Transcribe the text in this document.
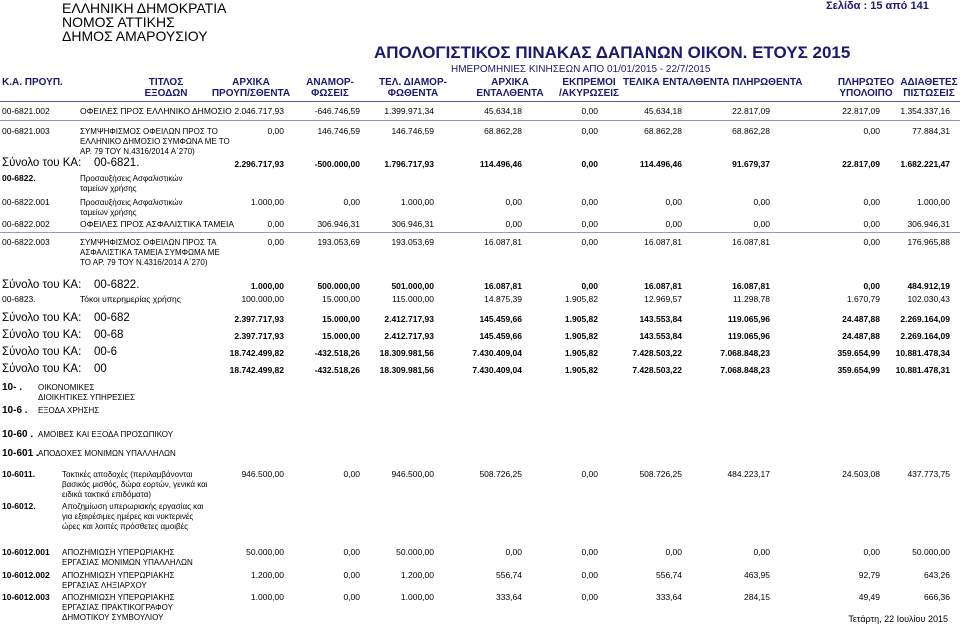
ΕΛΛΗΝΙΚΗ ΔΗΜΟΚΡΑΤΙΑ
ΝΟΜΟΣ ΑΤΤΙΚΗΣ
ΔΗΜΟΣ ΑΜΑΡΟΥΣΙΟΥ
Σελίδα : 15 από 141
ΑΠΟΛΟΓΙΣΤΙΚΟΣ ΠΙΝΑΚΑΣ ΔΑΠΑΝΩΝ ΟΙΚΟΝ. ΕΤΟΥΣ 2015
ΗΜΕΡΟΜΗΝΙΕΣ ΚΙΝΗΣΕΩΝ ΑΠΟ 01/01/2015 - 22/7/2015
Κ.Α. ΠΡΟΥΠ.	ΤΙΤΛΟΣ
ΕΞΟΔΩΝ
ΑΡΧΙΚΑ
ΠΡΟΥΠ/ΣΘΕΝΤΑ
ΑΝΑΜΟΡ-
ΦΩΣΕΙΣ
ΤΕΛ. ΔΙΑΜΟΡ-
ΦΩΘΕΝΤΑ
ΑΡΧΙΚΑ
ΕΝΤΑΛΘΕΝΤΑ
ΕΚΠΡΕΜΟΙ
/ΑΚΥΡΩΣΕΙΣ
ΤΕΛΙΚΑ ΕΝΤΑΛΘΕΝΤΑ ΠΛΗΡΩΘΕΝΤΑ	ΠΛΗΡΩΤΕΟ
ΥΠΟΛΟΙΠΟ
ΑΔΙΑΘΕΤΕΣ
ΠΙΣΤΩΣΕΙΣ
00-6821.002	ΟΦΕΙΛΕΣ ΠΡΟΣ ΕΛΛΗΝΙΚΟ ΔΗΜΟΣΙΟ 2.046.717,93	-646.746,59	1.399.971,34	45.634,18	0,00	45.634,18	22.817,09	22.817,09 1.354.337,16
00-6821.003	ΣΥΜΨΗΦΙΣΜΟΣ ΟΦΕΙΛΩΝ ΠΡΟΣ ΤΟ ΕΛΛΗΝΙΚΟ ΔΗΜΟΣΙΟ ΣΥΜΦΩΝΑ ΜΕ ΤΟ ΑΡ. 79 ΤΟΥ Ν.4316/2014 Α΄270)
0,00	146.746,59	146.746,59	68.862,28	0,00	68.862,28	68.862,28	0,00	77.884,31
Σύνολο του ΚΑ: 00-6821.	2.296.717,93	-500.000,00	1.796.717,93	114.496,46	0,00	114.496,46	91.679,37	22.817,09 1.682.221,47
00-6822.	Προσαυξήσεις Ασφαλιστικών ταμείων χρήσης
00-6822.001	Προσαυξήσεις Ασφαλιστικών ταμείων χρήσης
1.000,00	0,00	1.000,00	0,00	0,00	0,00	0,00	0,00	1.000,00
00-6822.002	ΟΦΕΙΛΕΣ ΠΡΟΣ ΑΣΦΑΛΙΣΤΙΚΑ ΤΑΜΕΙΑ	0,00	306.946,31	306.946,31	0,00	0,00	0,00	0,00	0,00	306.946,31
00-6822.003	ΣΥΜΨΗΦΙΣΜΟΣ ΟΦΕΙΛΩΝ ΠΡΟΣ ΤΑ ΑΣΦΑΛΙΣΤΙΚΑ ΤΑΜΕΙΑ ΣΥΜΦΩΜΑ ΜΕ ΤΟ ΑΡ. 79 ΤΟΥ Ν.4316/2014 Α΄270)
0,00	193.053,69	193.053,69	16.087,81	0,00	16.087,81	16.087,81	0,00	176.965,88
Σύνολο του ΚΑ: 00-6822.	1.000,00	500.000,00	501.000,00	16.087,81	0,00	16.087,81	16.087,81	0,00	484.912,19
00-6823.	Τόκοι υπερημερίας χρήσης	100.000,00	15.000,00	115.000,00	14.875,39	1.905,82	12.969,57	11.298,78	1.670,79	102.030,43
Σύνολο του ΚΑ: 00-682	2.397.717,93	15.000,00	2.412.717,93	145.459,66	1.905,82	143.553,84	119.065,96	24.487,88 2.269.164,09
Σύνολο του ΚΑ: 00-68	2.397.717,93	15.000,00	2.412.717,93	145.459,66	1.905,82	143.553,84	119.065,96	24.487,88 2.269.164,09
Σύνολο του ΚΑ: 00-6	18.742.499,82	-432.518,26 18.309.981,56	7.430.409,04	1.905,82	7.428.503,22	7.068.848,23	359.654,99 10.881.478,34
Σύνολο του ΚΑ: 00	18.742.499,82	-432.518,26 18.309.981,56	7.430.409,04	1.905,82	7.428.503,22	7.068.848,23	359.654,99 10.881.478,31
10- . ΟΙΚΟΝΟΜΙΚΕΣ ΔΙΟΙΚΗΤΙΚΕΣ ΥΠΗΡΕΣΙΕΣ
10-6 . ΕΞΟΔΑ ΧΡΗΣΗΣ
10-60 . ΑΜΟΙΒΕΣ ΚΑΙ ΕΞΟΔΑ ΠΡΟΣΩΠΙΚΟΥ
10-601 . ΑΠΟΔΟΧΕΣ ΜΟΝΙΜΩΝ ΥΠΑΛΛΗΛΩΝ
10-6011.	Τακτικές αποδοχές (περιλαμβάνονται βασικός μισθός, δώρα εορτών, γενικά και ειδικά τακτικά επιδόματα)
946.500,00	0,00	946.500,00	508.726,25	0,00	508.726,25	484.223,17	24.503,08	437.773,75
10-6012.	Αποζημίωση υπερωριακής εργασίας και για εξαιρέσιμες ημέρες και νυκτερινές ώρες και λοιπές πρόσθετες αμοιβές
10-6012.001 ΑΠΟΖΗΜΙΩΣΗ ΥΠΕΡΩΡΙΑΚΗΣ ΕΡΓΑΣΙΑΣ ΜΟΝΙΜΩΝ ΥΠΑΛΛΗΛΩΝ
50.000,00	0,00	50.000,00	0,00	0,00	0,00	0,00	0,00	50.000,00
10-6012.002 ΑΠΟΖΗΜΙΩΣΗ ΥΠΕΡΩΡΙΑΚΗΣ ΕΡΓΑΣΙΑΣ ΛΗΞΙΑΡΧΟΥ
1.200,00	0,00	1.200,00	556,74	0,00	556,74	463,95	92,79	643,26
10-6012.003 ΑΠΟΖΗΜΙΩΣΗ ΥΠΕΡΩΡΙΑΚΗΣ ΕΡΓΑΣΙΑΣ ΠΡΑΚΤΙΚΟΓΡΑΦΟΥ ΔΗΜΟΤΙΚΟΥ ΣΥΜΒΟΥΛΙΟΥ
1.000,00	0,00	1.000,00	333,64	0,00	333,64	284,15	49,49	666,36
Τετάρτη, 22 Ιουλίου 2015
